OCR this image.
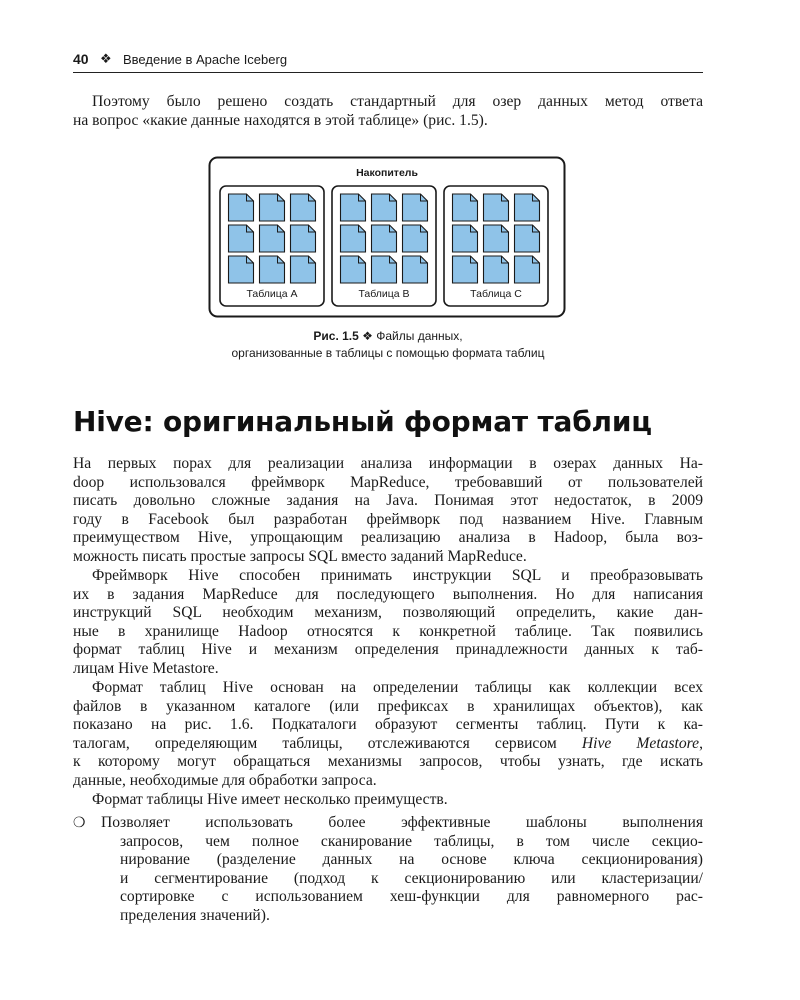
40 ❖ Введение в Apache Iceberg
Поэтому было решено создать стандартный для озер данных метод ответа
на вопрос «какие данные находятся в этой таблице» (рис. 1.5).
Накопитель
Таблица A	Таблица B	Таблица C
Рис. 1.5 ❖ Файлы данных,
организованные в таблицы с помощью формата таблиц
Hive: оригинальный формат таблиц
На первых порах для реализации анализа информации в озерах данных Ha-
doop использовался фреймворк MapReduce, требовавший от пользователей
писать довольно сложные задания на Java. Понимая этот недостаток, в 2009
году в Facebook был разработан фреймворк под названием Hive. Главным
преимуществом Hive, упрощающим реализацию анализа в Hadoop, была воз-
можность писать простые запросы SQL вместо заданий MapReduce.
Фреймворк Hive способен принимать инструкции SQL и преобразовывать
их в задания MapReduce для последующего выполнения. Но для написания
инструкций SQL необходим механизм, позволяющий определить, какие дан-
ные в хранилище Hadoop относятся к конкретной таблице. Так появились
формат таблиц Hive и механизм определения принадлежности данных к таб-
лицам Hive Metastore.
Формат таблиц Hive основан на определении таблицы как коллекции всех
файлов в указанном каталоге (или префиксах в хранилищах объектов), как
показано на рис. 1.6. Подкаталоги образуют сегменты таблиц. Пути к ка-
талогам, определяющим таблицы, отслеживаются сервисом Hive Metastore,
к которому могут обращаться механизмы запросов, чтобы узнать, где искать
данные, необходимые для обработки запроса.
Формат таблицы Hive имеет несколько преимуществ.
❍ Позволяет использовать более эффективные шаблоны выполнения
запросов, чем полное сканирование таблицы, в том числе секцио-
нирование (разделение данных на основе ключа секционирования)
и сегментирование (подход к секционированию или кластеризации/
сортировке с использованием хеш-функции для равномерного рас-
пределения значений).
